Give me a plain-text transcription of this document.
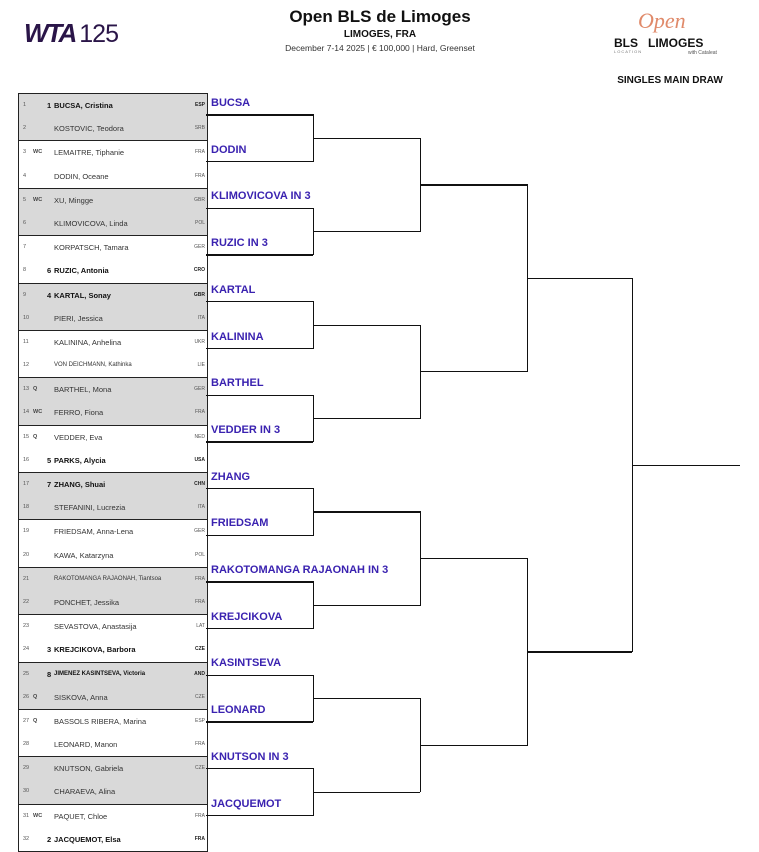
WTA 125
Open BLS de Limoges
LIMOGES, FRA
December 7-14 2025 | € 100,000 | Hard, Greenset
Open
BLS LIMOGES
LOCATION	with Cataleat
SINGLES MAIN DRAW
1	1 BUCSA, Cristina	ESP
2	KOSTOVIC, Teodora	SRB
3 WC LEMAITRE, Tiphanie	FRA
4	DODIN, Oceane	FRA
5 WC XU, Mingge	GBR
6	KLIMOVICOVA, Linda	POL
7	KORPATSCH, Tamara	GER
8	6 RUZIC, Antonia	CRO
9	4 KARTAL, Sonay	GBR
10	PIERI, Jessica	ITA
11	KALININA, Anhelina	UKR
12	VON DEICHMANN, Kathinka	LIE
13 Q BARTHEL, Mona	GER
14 WC FERRO, Fiona	FRA
15 Q VEDDER, Eva	NED
16 5 PARKS, Alycia	USA
17 7 ZHANG, Shuai	CHN
18	STEFANINI, Lucrezia	ITA
19	FRIEDSAM, Anna-Lena	GER
20	KAWA, Katarzyna	POL
21	RAKOTOMANGA RAJAONAH, Tiantsoa	FRA
22	PONCHET, Jessika	FRA
23	SEVASTOVA, Anastasija	LAT
24 3 KREJCIKOVA, Barbora	CZE
25 8 JIMENEZ KASINTSEVA, Victoria	AND
26 Q SISKOVA, Anna	CZE
27 Q BASSOLS RIBERA, Marina	ESP
28	LEONARD, Manon	FRA
29	KNUTSON, Gabriela	CZE
30	CHARAEVA, Alina
31 WC PAQUET, Chloe	FRA
32 2 JACQUEMOT, Elsa	FRA
BUCSA
DODIN
KLIMOVICOVA IN 3
RUZIC IN 3
KARTAL
KALININA
BARTHEL
VEDDER IN 3
ZHANG
FRIEDSAM
RAKOTOMANGA RAJAONAH IN 3
KREJCIKOVA
KASINTSEVA
LEONARD
KNUTSON IN 3
JACQUEMOT
